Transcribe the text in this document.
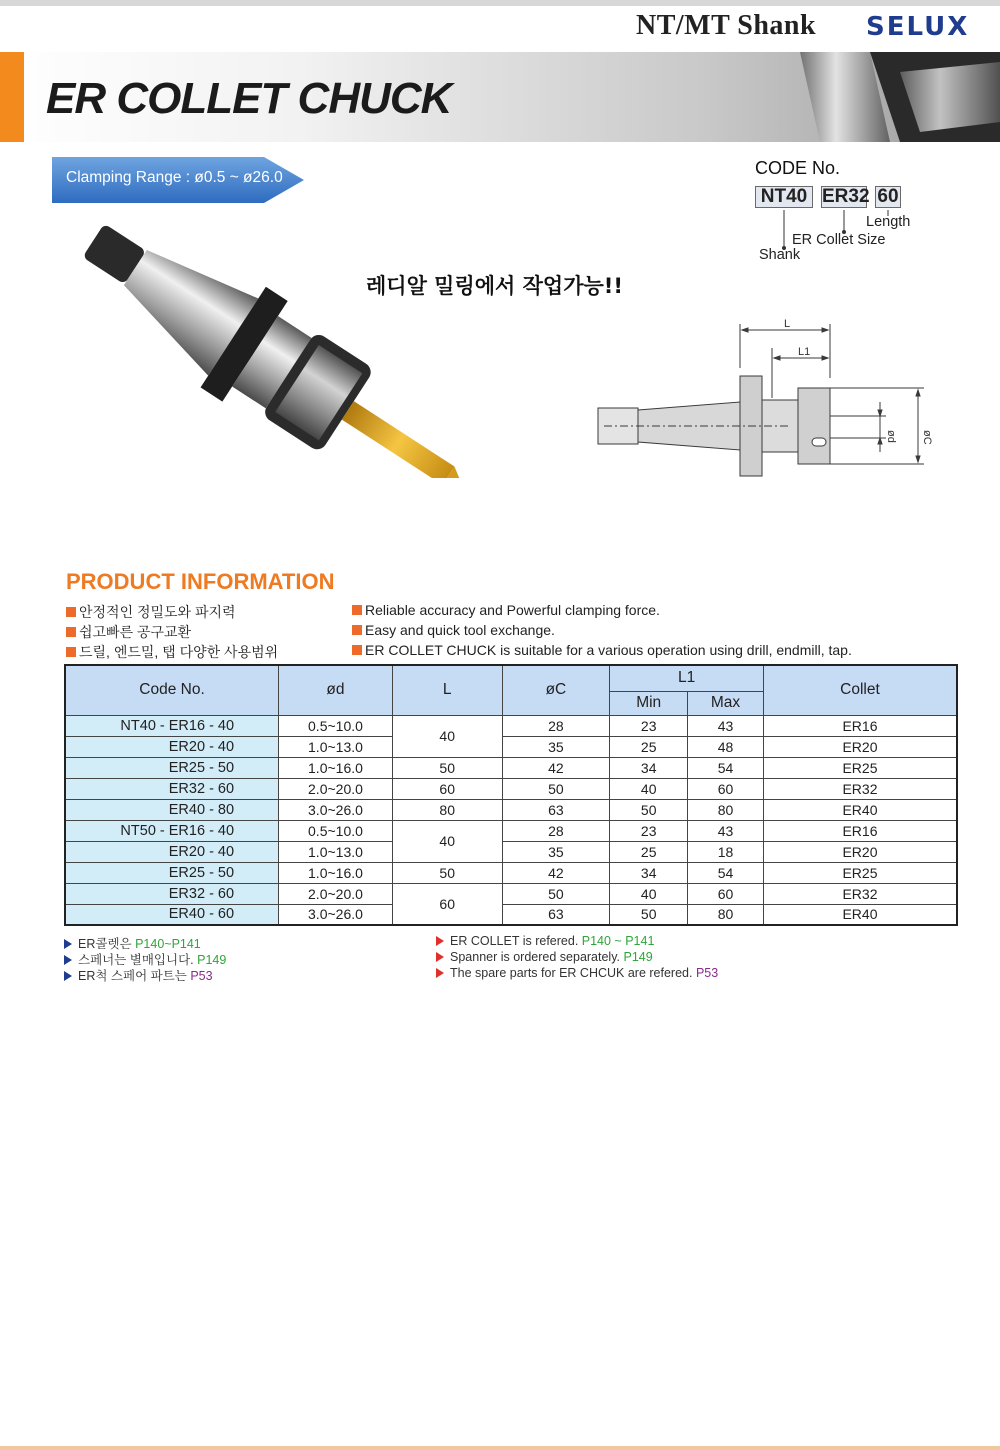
NT/MT Shank SELUX
ER COLLET CHUCK
Clamping Range : ø0.5 ~ ø26.0	CODE No.
NT40 ER32 60
Length
ER Collet Size
Shank
레디알 밀링에서 작업가능!!
L
L1
ød øC
PRODUCT INFORMATION
안정적인 정밀도와 파지력
쉽고빠른 공구교환
드릴, 엔드밀, 탭 다양한 사용범위
Reliable accuracy and Powerful clamping force.
Easy and quick tool exchange.
ER COLLET CHUCK is suitable for a various operation using drill, endmill, tap.
Code No.	ød	L	øC	L1		Collet
				Min	Max	
NT40 - ER16 - 40	0.5~10.0	40	28	23	43	ER16
ER20 - 40	1.0~13.0		35	25	48	ER20
ER25 - 50	1.0~16.0	50	42	34	54	ER25
ER32 - 60	2.0~20.0	60	50	40	60	ER32
ER40 - 80	3.0~26.0	80	63	50	80	ER40
NT50 - ER16 - 40	0.5~10.0	40	28	23	43	ER16
ER20 - 40	1.0~13.0		35	25	18	ER20
ER25 - 50	1.0~16.0	50	42	34	54	ER25
ER32 - 60	2.0~20.0	60	50	40	60	ER32
ER40 - 60	3.0~26.0		63	50	80	ER40
ER콜렛은 P140~P141
스페너는 별매입니다. P149
ER척 스페어 파트는 P53
ER COLLET is refered. P140 ~ P141
Spanner is ordered separately. P149
The spare parts for ER CHCUK are refered. P53
